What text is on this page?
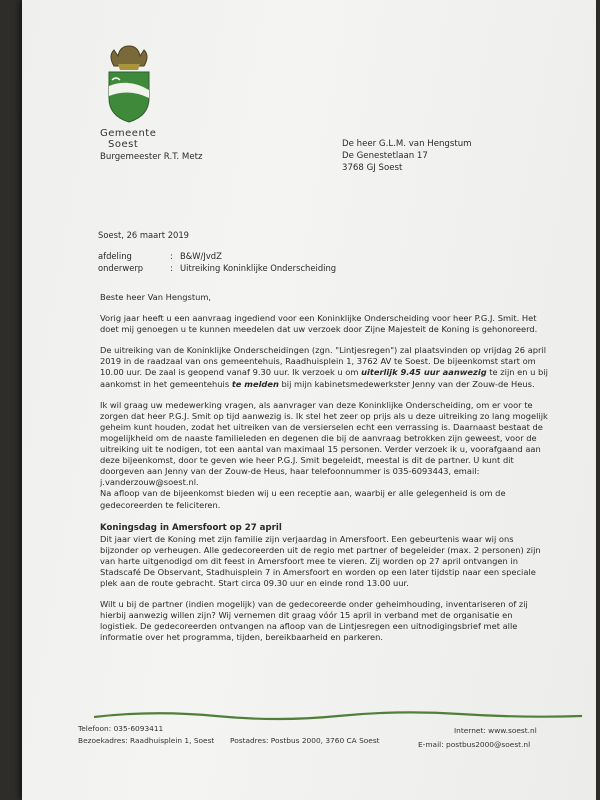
Gemeente
Soest
Burgemeester R.T. Metz
De heer G.L.M. van Hengstum
De Genestetlaan 17
3768 GJ Soest
Soest, 26 maart 2019
afdeling	: B&W/JvdZ
onderwerp	: Uitreiking Koninklijke Onderscheiding

Beste heer Van Hengstum,

Vorig jaar heeft u een aanvraag ingediend voor een Koninklijke Onderscheiding voor heer P.G.J. Smit. Het doet mij genoegen u te kunnen meedelen dat uw verzoek door Zijne Majesteit de Koning is gehonoreerd.

De uitreiking van de Koninklijke Onderscheidingen (zgn. "Lintjesregen") zal plaatsvinden op vrijdag 26 april 2019 in de raadzaal van ons gemeentehuis, Raadhuisplein 1, 3762 AV te Soest. De bijeenkomst start om 10.00 uur. De zaal is geopend vanaf 9.30 uur. Ik verzoek u om uiterlijk 9.45 uur aanwezig te zijn en u bij aankomst in het gemeentehuis te melden bij mijn kabinetsmedewerkster Jenny van der Zouw-de Heus.

Ik wil graag uw medewerking vragen, als aanvrager van deze Koninklijke Onderscheiding, om er voor te zorgen dat heer P.G.J. Smit op tijd aanwezig is. Ik stel het zeer op prijs als u deze uitreiking zo lang mogelijk geheim kunt houden, zodat het uitreiken van de versierselen echt een verrassing is. Daarnaast bestaat de mogelijkheid om de naaste familieleden en degenen die bij de aanvraag betrokken zijn geweest, voor de uitreiking uit te nodigen, tot een aantal van maximaal 15 personen. Verder verzoek ik u, voorafgaand aan deze bijeenkomst, door te geven wie heer P.G.J. Smit begeleidt, meestal is dit de partner. U kunt dit doorgeven aan Jenny van der Zouw-de Heus, haar telefoonnummer is 035-6093443, email: j.vanderzouw@soest.nl.

Na afloop van de bijeenkomst bieden wij u een receptie aan, waarbij er alle gelegenheid is om de gedecoreerden te feliciteren.

Koningsdag in Amersfoort op 27 april

Dit jaar viert de Koning met zijn familie zijn verjaardag in Amersfoort. Een gebeurtenis waar wij ons bijzonder op verheugen. Alle gedecoreerden uit de regio met partner of begeleider (max. 2 personen) zijn van harte uitgenodigd om dit feest in Amersfoort mee te vieren. Zij worden op 27 april ontvangen in Stadscafé De Observant, Stadhuisplein 7 in Amersfoort en worden op een later tijdstip naar een speciale plek aan de route gebracht. Start circa 09.30 uur en einde rond 13.00 uur.

Wilt u bij de partner (indien mogelijk) van de gedecoreerde onder geheimhouding, inventariseren of zij hierbij aanwezig willen zijn? Wij vernemen dit graag vóór 15 april in verband met de organisatie en logistiek. De gedecoreerden ontvangen na afloop van de Lintjesregen een uitnodigingsbrief met alle informatie over het programma, tijden, bereikbaarheid en parkeren.

Telefoon: 035-6093411
Bezoekadres: Raadhuisplein 1, Soest Postadres: Postbus 2000, 3760 CA Soest
Internet: www.soest.nl
E-mail: postbus2000@soest.nl
